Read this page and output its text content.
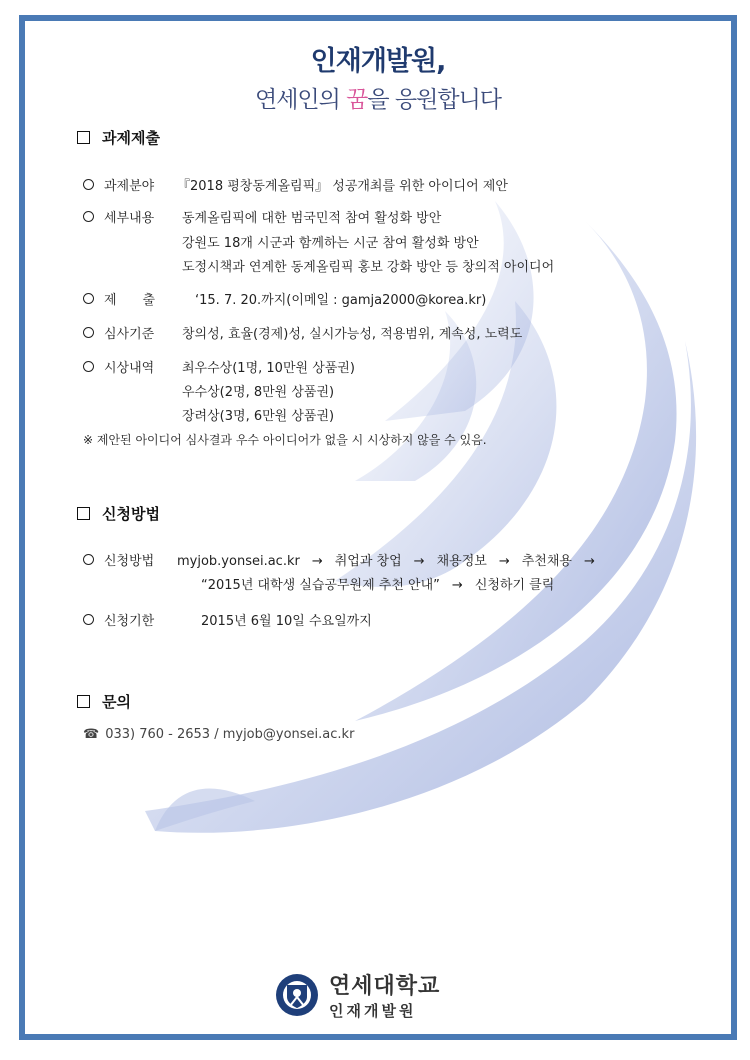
인재개발원,
연세인의 꿈을 응원합니다
과제제출
과제분야 『2018 평창동계올림픽』 성공개최를 위한 아이디어 제안
세부내용 동계올림픽에 대한 범국민적 참여 활성화 방안
강원도 18개 시군과 함께하는 시군 참여 활성화 방안
도정시책과 연계한 동계올림픽 홍보 강화 방안 등 창의적 아이디어
제　　출	‘15. 7. 20.까지(이메일 : gamja2000@korea.kr)
심사기준 창의성, 효율(경제)성, 실시가능성, 적용범위, 계속성, 노력도
시상내역 최우수상(1명, 10만원 상품권)
우수상(2명, 8만원 상품권)
장려상(3명, 6만원 상품권)
※ 제안된 아이디어 심사결과 우수 아이디어가 없을 시 시상하지 않을 수 있음.
신청방법
신청방법 myjob.yonsei.ac.kr → 취업과 창업 → 채용정보 → 추천채용 →
“2015년 대학생 실습공무원제 추천 안내” → 신청하기 클릭
신청기한	2015년 6월 10일 수요일까지
문의
☎ 033) 760 - 2653 / myjob@yonsei.ac.kr
연세대학교
인재개발원
